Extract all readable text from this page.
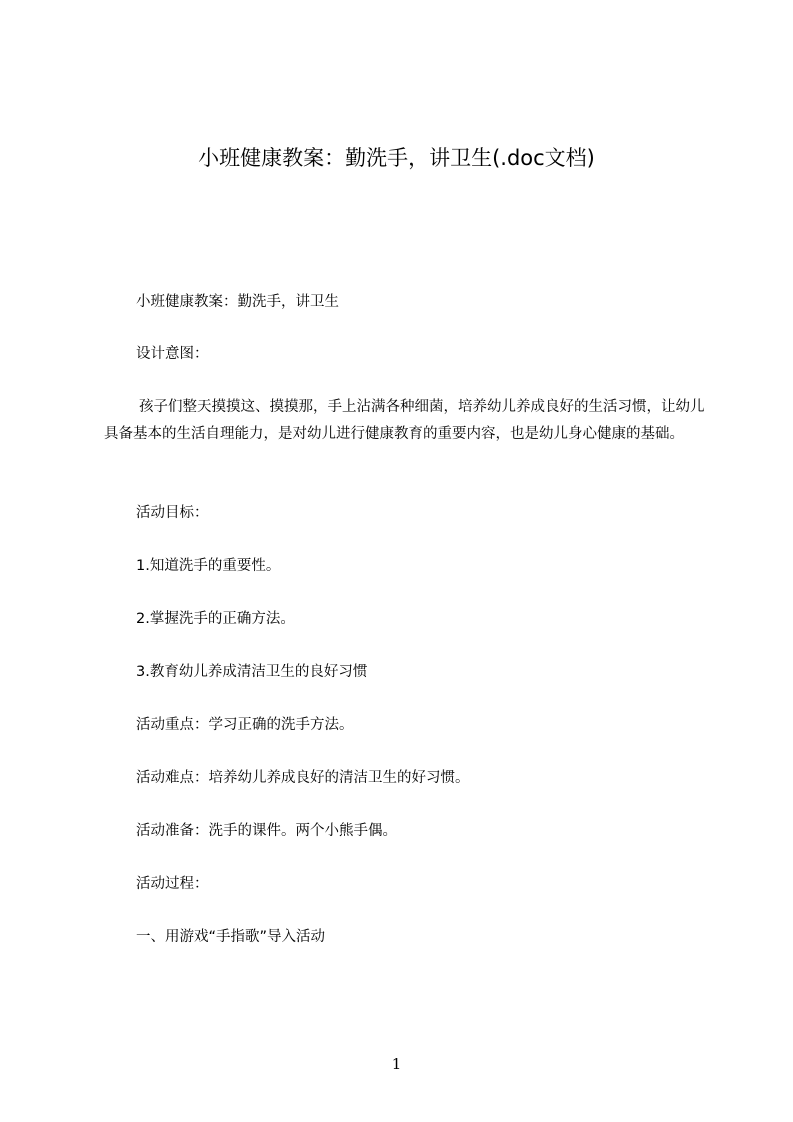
小班健康教案：勤洗手，讲卫生(.doc文档)
小班健康教案：勤洗手，讲卫生
设计意图：
孩子们整天摸摸这、摸摸那，手上沾满各种细菌，培养幼儿养成良好的生活习惯，让幼儿具备基本的生活自理能力，是对幼儿进行健康教育的重要内容，也是幼儿身心健康的基础。
活动目标：
1.知道洗手的重要性。
2.掌握洗手的正确方法。
3.教育幼儿养成清洁卫生的良好习惯
活动重点：学习正确的洗手方法。
活动难点：培养幼儿养成良好的清洁卫生的好习惯。
活动准备：洗手的课件。两个小熊手偶。
活动过程：
一、用游戏“手指歌”导入活动
1
